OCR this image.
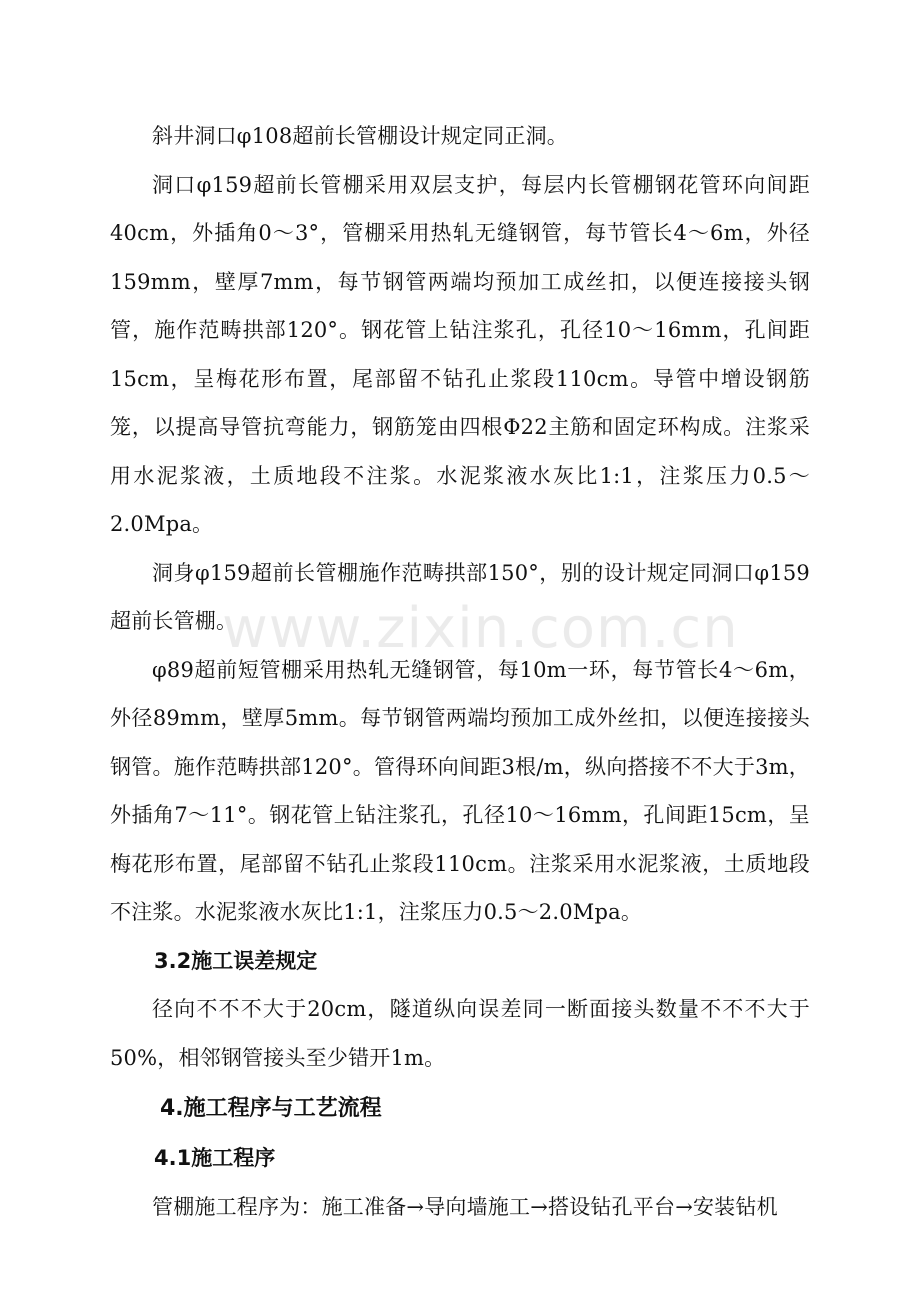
斜井洞口φ108超前长管棚设计规定同正洞。

洞口φ159超前长管棚采用双层支护，每层内长管棚钢花管环向间距40cm，外插角0～3°，管棚采用热轧无缝钢管，每节管长4～6m，外径159mm，壁厚7mm，每节钢管两端均预加工成丝扣，以便连接接头钢管，施作范畴拱部120°。钢花管上钻注浆孔，孔径10～16mm，孔间距15cm，呈梅花形布置，尾部留不钻孔止浆段110cm。导管中增设钢筋笼，以提高导管抗弯能力，钢筋笼由四根Φ22主筋和固定环构成。注浆采用水泥浆液，土质地段不注浆。水泥浆液水灰比1:1，注浆压力0.5～2.0Mpa。

洞身φ159超前长管棚施作范畴拱部150°，别的设计规定同洞口φ159超前长管棚。

φ89超前短管棚采用热轧无缝钢管，每10m一环，每节管长4～6m，外径89mm，壁厚5mm。每节钢管两端均预加工成外丝扣，以便连接接头钢管。施作范畴拱部120°。管得环向间距3根/m，纵向搭接不不大于3m，外插角7～11°。钢花管上钻注浆孔，孔径10～16mm，孔间距15cm，呈梅花形布置，尾部留不钻孔止浆段110cm。注浆采用水泥浆液，土质地段不注浆。水泥浆液水灰比1:1，注浆压力0.5～2.0Mpa。

3.2施工误差规定

径向不不不大于20cm，隧道纵向误差同一断面接头数量不不不大于50%，相邻钢管接头至少错开1m。

4.施工程序与工艺流程
4.1施工程序

管棚施工程序为：施工准备→导向墙施工→搭设钻孔平台→安装钻机

www.zixin.com.cn
